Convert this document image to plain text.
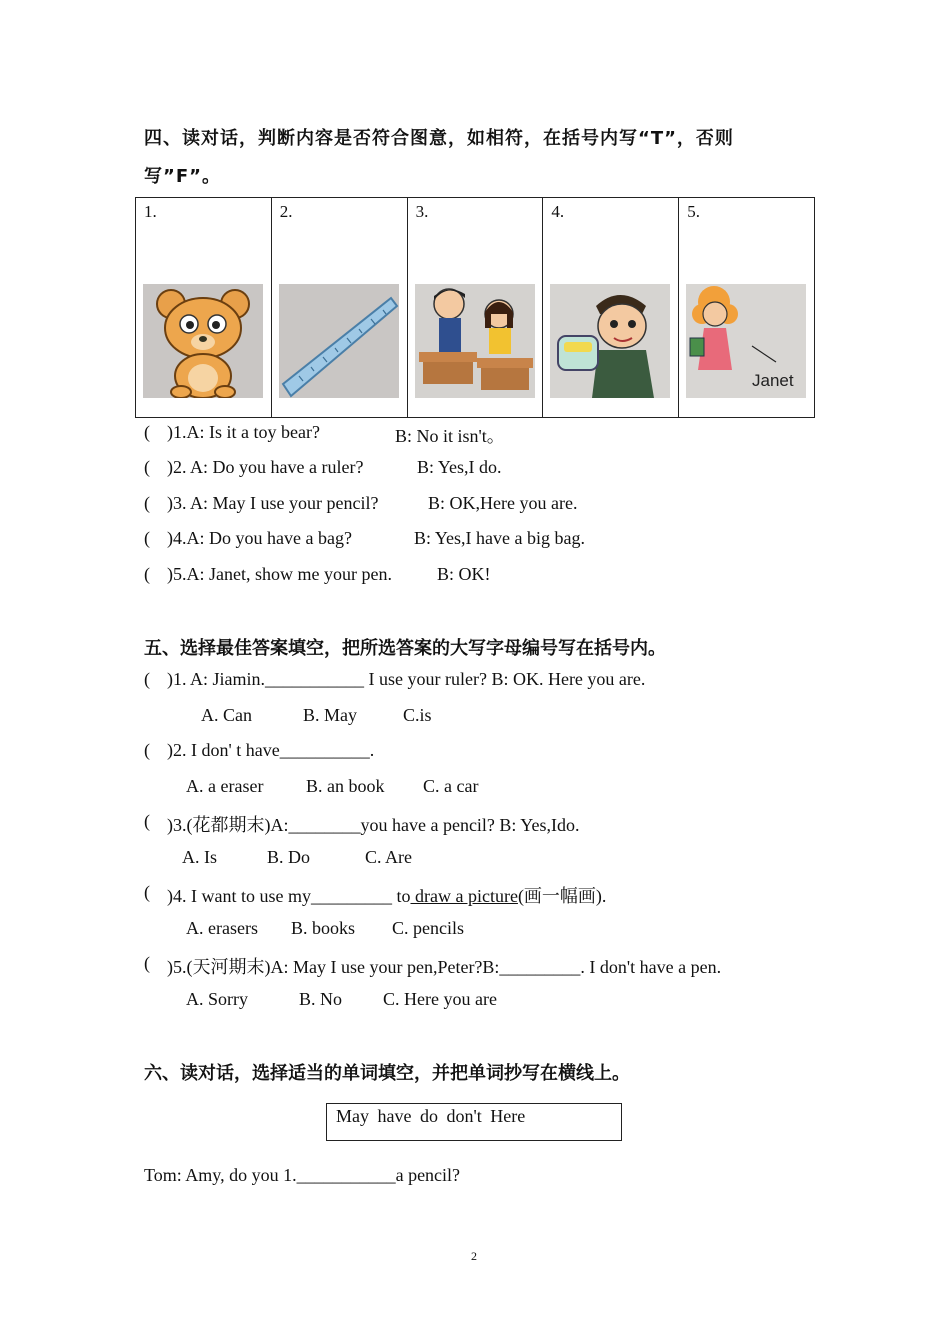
四、读对话，判断内容是否符合图意，如相符，在括号内写“T”，否则
写”F”。
1.	2.	3.	4.	5.
Janet
( )1.A: Is it a toy bear?	B: No it isn't。
( )2. A: Do you have a ruler?	B: Yes,I do.
( )3. A: May I use your pencil?	B: OK,Here you are.
( )4.A: Do you have a bag?	B: Yes,I have a big bag.
( )5.A: Janet, show me your pen.	B: OK!
五、选择最佳答案填空，把所选答案的大写字母编号写在括号内。
( )1. A: Jiamin.___________ I use your ruler? B: OK. Here you are.
A. Can	B. May	C.is
( )2. I don' t have__________.
A. a eraser B. an book C. a car
( )3.(花都期末)A:________you have a pencil? B: Yes,Ido.
A. Is	B. Do	C. Are
( )4. I want to use my_________ to draw a picture(画一幅画).
A. erasers B. books C. pencils
( )5.(天河期末)A: May I use your pen,Peter?B:_________. I don't have a pen.
A. Sorry	B. No C. Here you are
六、读对话，选择适当的单词填空，并把单词抄写在横线上。
May have do don't Here
Tom: Amy, do you 1.___________a pencil?
2
